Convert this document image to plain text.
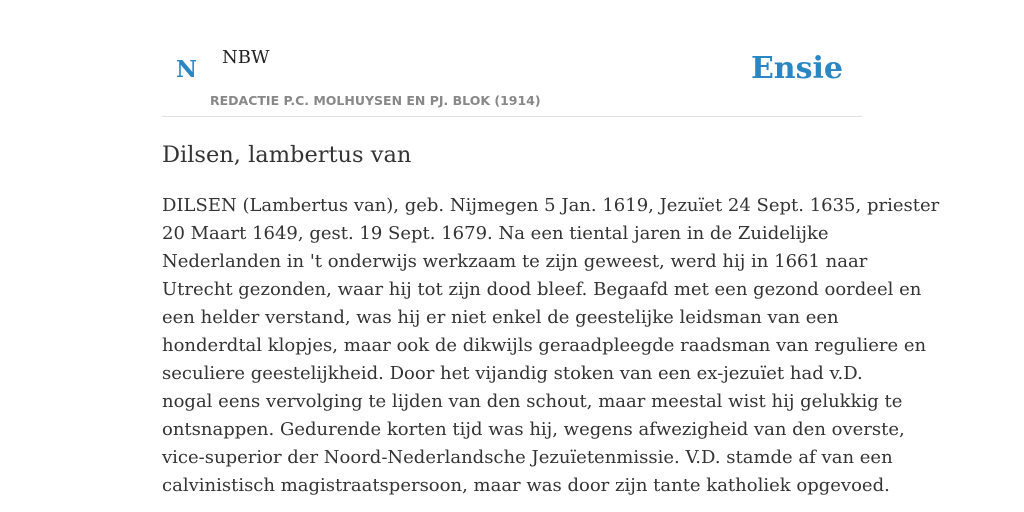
N NBW	Ensie
REDACTIE P.C. MOLHUYSEN EN PJ. BLOK (1914)
Dilsen, lambertus van

DILSEN (Lambertus van), geb. Nijmegen 5 Jan. 1619, Jezuïet 24 Sept. 1635, priester
20 Maart 1649, gest. 19 Sept. 1679. Na een tiental jaren in de Zuidelijke
Nederlanden in 't onderwijs werkzaam te zijn geweest, werd hij in 1661 naar
Utrecht gezonden, waar hij tot zijn dood bleef. Begaafd met een gezond oordeel en
een helder verstand, was hij er niet enkel de geestelijke leidsman van een
honderdtal klopjes, maar ook de dikwijls geraadpleegde raadsman van reguliere en
seculiere geestelijkheid. Door het vijandig stoken van een ex-jezuïet had v.D.
nogal eens vervolging te lijden van den schout, maar meestal wist hij gelukkig te
ontsnappen. Gedurende korten tijd was hij, wegens afwezigheid van den overste,
vice-superior der Noord-Nederlandsche Jezuïetenmissie. V.D. stamde af van een
calvinistisch magistraatspersoon, maar was door zijn tante katholiek opgevoed.
